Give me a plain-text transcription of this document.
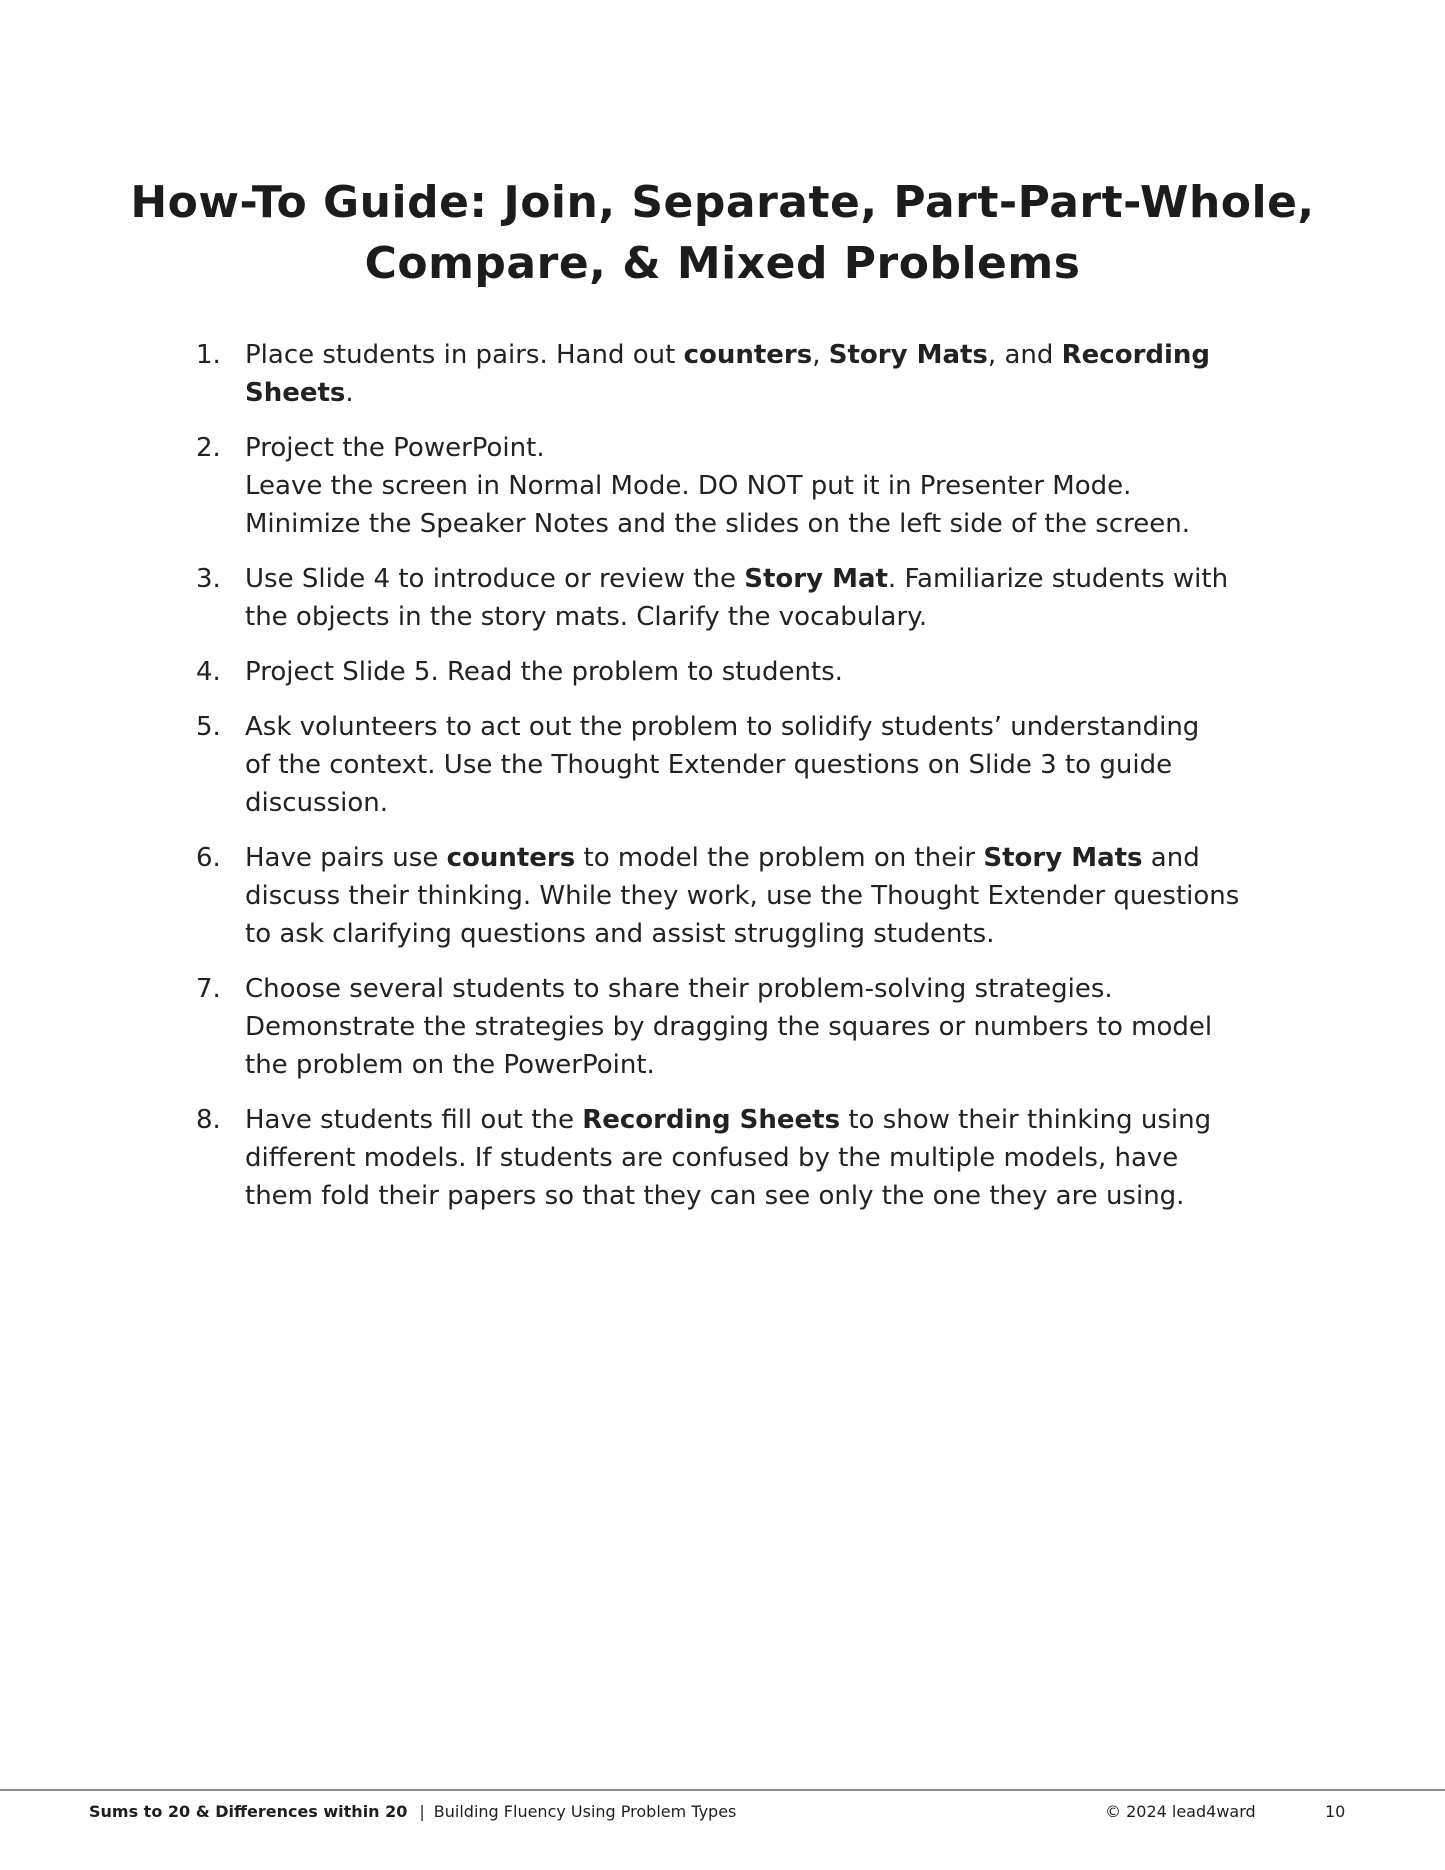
How-To Guide: Join, Separate, Part-Part-Whole,
Compare, & Mixed Problems
1. Place students in pairs. Hand out counters, Story Mats, and Recording
Sheets.
2. Project the PowerPoint.
Leave the screen in Normal Mode. DO NOT put it in Presenter Mode.
Minimize the Speaker Notes and the slides on the left side of the screen.
3. Use Slide 4 to introduce or review the Story Mat. Familiarize students with
the objects in the story mats. Clarify the vocabulary.
4. Project Slide 5. Read the problem to students.
5. Ask volunteers to act out the problem to solidify students’ understanding
of the context. Use the Thought Extender questions on Slide 3 to guide
discussion.
6. Have pairs use counters to model the problem on their Story Mats and
discuss their thinking. While they work, use the Thought Extender questions
to ask clarifying questions and assist struggling students.
7. Choose several students to share their problem-solving strategies.
Demonstrate the strategies by dragging the squares or numbers to model
the problem on the PowerPoint.
8. Have students fill out the Recording Sheets to show their thinking using
different models. If students are confused by the multiple models, have
them fold their papers so that they can see only the one they are using.
Sums to 20 & Differences within 20 | Building Fluency Using Problem Types	© 2024 lead4ward	10
